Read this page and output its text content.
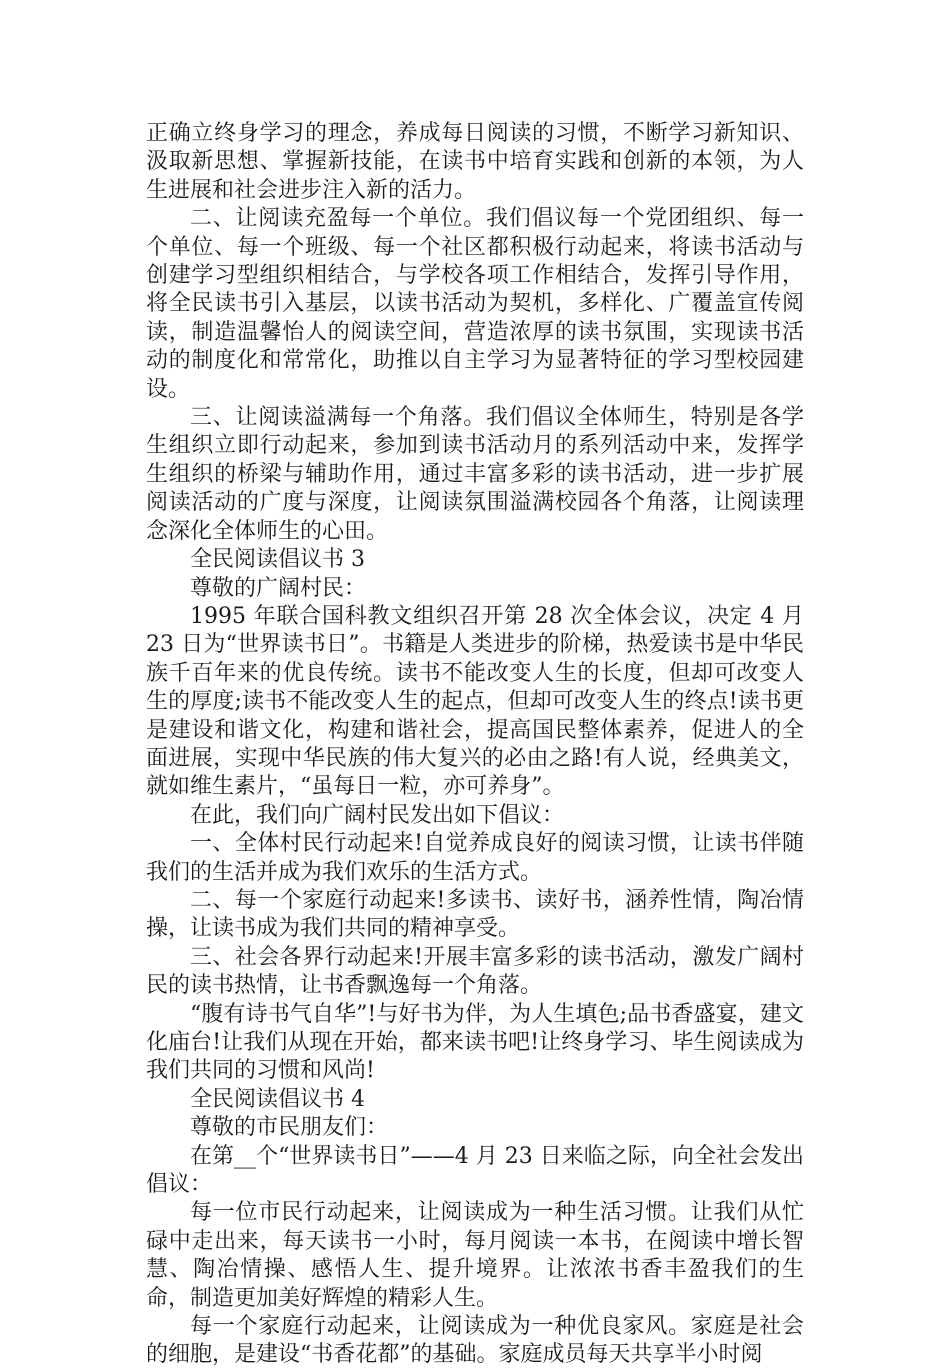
正确立终身学习的理念，养成每日阅读的习惯，不断学习新知识、汲取新思想、掌握新技能，在读书中培育实践和创新的本领，为人生进展和社会进步注入新的活力。

二、让阅读充盈每一个单位。我们倡议每一个党团组织、每一个单位、每一个班级、每一个社区都积极行动起来，将读书活动与创建学习型组织相结合，与学校各项工作相结合，发挥引导作用，将全民读书引入基层，以读书活动为契机，多样化、广覆盖宣传阅读，制造温馨怡人的阅读空间，营造浓厚的读书氛围，实现读书活动的制度化和常常化，助推以自主学习为显著特征的学习型校园建设。

三、让阅读溢满每一个角落。我们倡议全体师生，特别是各学生组织立即行动起来，参加到读书活动月的系列活动中来，发挥学生组织的桥梁与辅助作用，通过丰富多彩的读书活动，进一步扩展阅读活动的广度与深度，让阅读氛围溢满校园各个角落，让阅读理念深化全体师生的心田。

全民阅读倡议书 3

尊敬的广阔村民：

1995 年联合国科教文组织召开第 28 次全体会议，决定 4 月 23 日为“世界读书日”。书籍是人类进步的阶梯，热爱读书是中华民族千百年来的优良传统。读书不能改变人生的长度，但却可改变人生的厚度;读书不能改变人生的起点，但却可改变人生的终点!读书更是建设和谐文化，构建和谐社会，提高国民整体素养，促进人的全面进展，实现中华民族的伟大复兴的必由之路!有人说，经典美文，就如维生素片，“虽每日一粒，亦可养身”。

在此，我们向广阔村民发出如下倡议：

一、全体村民行动起来!自觉养成良好的阅读习惯，让读书伴随我们的生活并成为我们欢乐的生活方式。

二、每一个家庭行动起来!多读书、读好书，涵养性情，陶冶情操，让读书成为我们共同的精神享受。

三、社会各界行动起来!开展丰富多彩的读书活动，激发广阔村民的读书热情，让书香飘逸每一个角落。

“腹有诗书气自华”!与好书为伴，为人生填色;品书香盛宴，建文化庙台!让我们从现在开始，都来读书吧!让终身学习、毕生阅读成为我们共同的习惯和风尚!

全民阅读倡议书 4

尊敬的市民朋友们：

在第__个“世界读书日”——4 月 23 日来临之际，向全社会发出倡议：

每一位市民行动起来，让阅读成为一种生活习惯。让我们从忙碌中走出来，每天读书一小时，每月阅读一本书，在阅读中增长智慧、陶冶情操、感悟人生、提升境界。让浓浓书香丰盈我们的生命，制造更加美好辉煌的精彩人生。

每一个家庭行动起来，让阅读成为一种优良家风。家庭是社会的细胞，是建设“书香花都”的基础。家庭成员每天共享半小时阅
